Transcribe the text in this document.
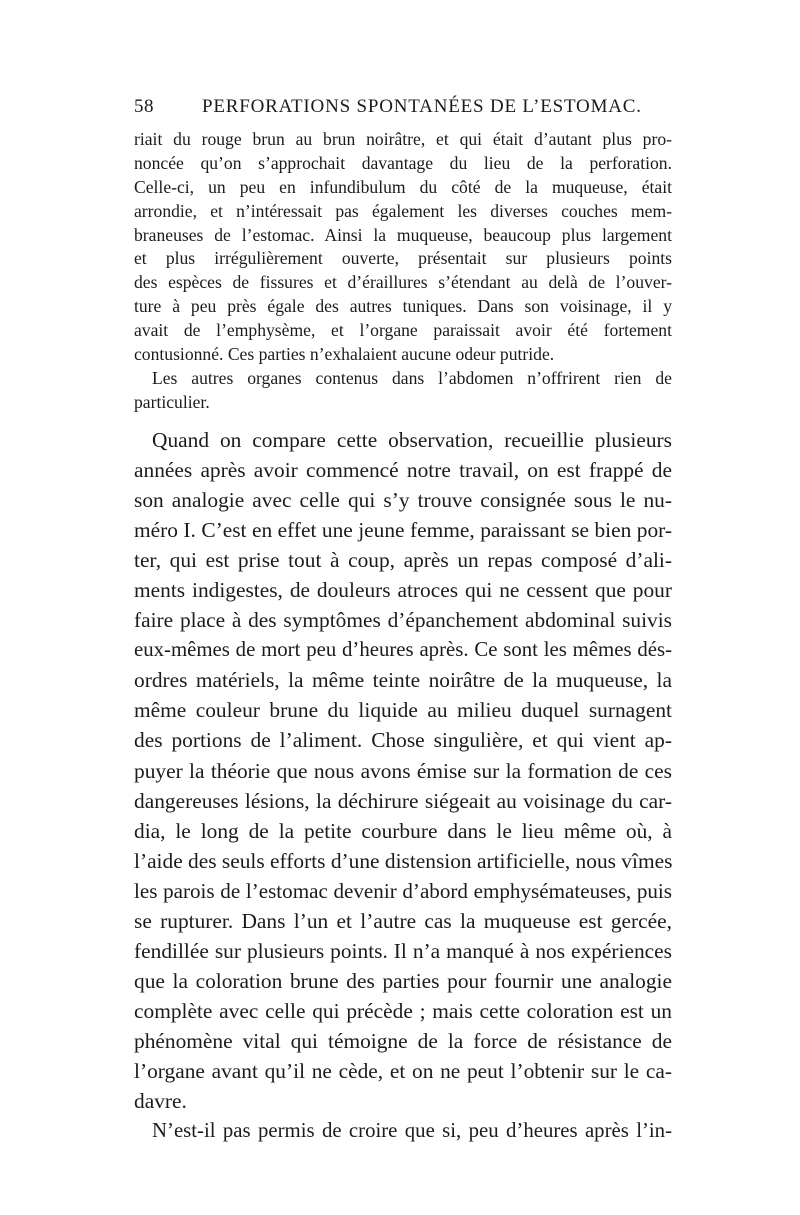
58	PERFORATIONS SPONTANÉES DE L’ESTOMAC.
riait du rouge brun au brun noirâtre, et qui était d’autant plus pro-
noncée qu’on s’approchait davantage du lieu de la perforation.
Celle-ci, un peu en infundibulum du côté de la muqueuse, était
arrondie, et n’intéressait pas également les diverses couches mem-
braneuses de l’estomac. Ainsi la muqueuse, beaucoup plus largement
et plus irrégulièrement ouverte, présentait sur plusieurs points
des espèces de fissures et d’éraillures s’étendant au delà de l’ouver-
ture à peu près égale des autres tuniques. Dans son voisinage, il y
avait de l’emphysème, et l’organe paraissait avoir été fortement
contusionné. Ces parties n’exhalaient aucune odeur putride.
Les autres organes contenus dans l’abdomen n’offrirent rien de
particulier.
Quand on compare cette observation, recueillie plusieurs
années après avoir commencé notre travail, on est frappé de
son analogie avec celle qui s’y trouve consignée sous le nu-
méro I. C’est en effet une jeune femme, paraissant se bien por-
ter, qui est prise tout à coup, après un repas composé d’ali-
ments indigestes, de douleurs atroces qui ne cessent que pour
faire place à des symptômes d’épanchement abdominal suivis
eux-mêmes de mort peu d’heures après. Ce sont les mêmes dés-
ordres matériels, la même teinte noirâtre de la muqueuse, la
même couleur brune du liquide au milieu duquel surnagent
des portions de l’aliment. Chose singulière, et qui vient ap-
puyer la théorie que nous avons émise sur la formation de ces
dangereuses lésions, la déchirure siégeait au voisinage du car-
dia, le long de la petite courbure dans le lieu même où, à
l’aide des seuls efforts d’une distension artificielle, nous vîmes
les parois de l’estomac devenir d’abord emphysémateuses, puis
se rupturer. Dans l’un et l’autre cas la muqueuse est gercée,
fendillée sur plusieurs points. Il n’a manqué à nos expériences
que la coloration brune des parties pour fournir une analogie
complète avec celle qui précède ; mais cette coloration est un
phénomène vital qui témoigne de la force de résistance de
l’organe avant qu’il ne cède, et on ne peut l’obtenir sur le ca-
davre.
N’est-il pas permis de croire que si, peu d’heures après l’in-
